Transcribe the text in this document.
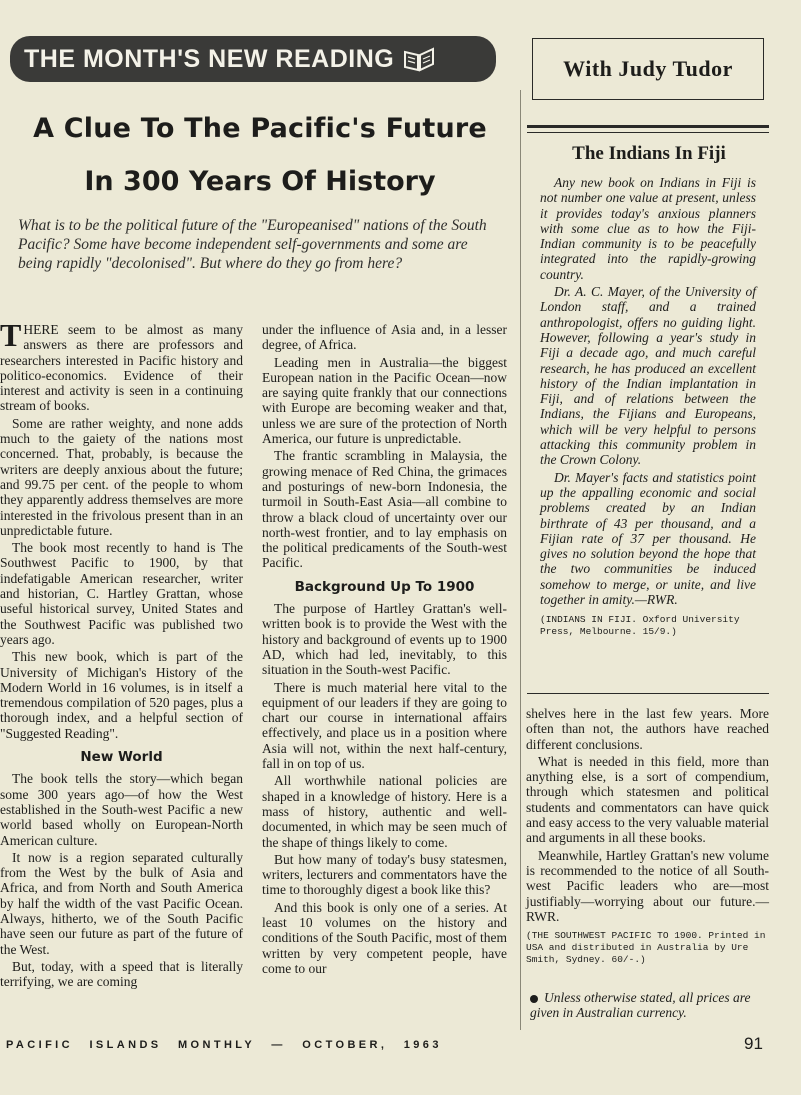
THE MONTH'S NEW READING	With Judy Tudor
A Clue To The Pacific's Future
In 300 Years Of History
What is to be the political future of the "Europeanised" nations of the South Pacific? Some have become independent self-governments and some are being rapidly "decolonised". But where do they go from here?

T HERE seem to be almost as many answers as there are professors and researchers interested in Pacific history and politico-economics. Evidence of their interest and activity is seen in a continuing stream of books.

Some are rather weighty, and none adds much to the gaiety of the nations most concerned. That, probably, is because the writers are deeply anxious about the future; and 99.75 per cent. of the people to whom they apparently address themselves are more interested in the frivolous present than in an unpredictable future.

The book most recently to hand is The Southwest Pacific to 1900, by that indefatigable American researcher, writer and historian, C. Hartley Grattan, whose useful historical survey, United States and the Southwest Pacific was published two years ago.

This new book, which is part of the University of Michigan's History of the Modern World in 16 volumes, is in itself a tremendous compilation of 520 pages, plus a thorough index, and a helpful section of "Suggested Reading".

New World

The book tells the story—which began some 300 years ago—of how the West established in the South-west Pacific a new world based wholly on European-North American culture.

It now is a region separated culturally from the West by the bulk of Asia and Africa, and from North and South America by half the width of the vast Pacific Ocean. Always, hitherto, we of the South Pacific have seen our future as part of the future of the West.

But, today, with a speed that is literally terrifying, we are coming

under the influence of Asia and, in a lesser degree, of Africa.

Leading men in Australia—the biggest European nation in the Pacific Ocean—now are saying quite frankly that our connections with Europe are becoming weaker and that, unless we are sure of the protection of North America, our future is unpredictable.

The frantic scrambling in Malaysia, the growing menace of Red China, the grimaces and posturings of new-born Indonesia, the turmoil in South-East Asia—all combine to throw a black cloud of uncertainty over our north-west frontier, and to lay emphasis on the political predicaments of the South-west Pacific.

Background Up To 1900

The purpose of Hartley Grattan's well-written book is to provide the West with the history and background of events up to 1900 AD, which had led, inevitably, to this situation in the South-west Pacific.

There is much material here vital to the equipment of our leaders if they are going to chart our course in international affairs effectively, and place us in a position where Asia will not, within the next half-century, fall in on top of us.

All worthwhile national policies are shaped in a knowledge of history. Here is a mass of history, authentic and well-documented, in which may be seen much of the shape of things likely to come.

But how many of today's busy statesmen, writers, lecturers and commentators have the time to thoroughly digest a book like this?

And this book is only one of a series. At least 10 volumes on the history and conditions of the South Pacific, most of them written by very competent people, have come to our

shelves here in the last few years. More often than not, the authors have reached different conclusions.

What is needed in this field, more than anything else, is a sort of compendium, through which statesmen and political students and commentators can have quick and easy access to the very valuable material and arguments in all these books.

Meanwhile, Hartley Grattan's new volume is recommended to the notice of all South-west Pacific leaders who are—most justifiably—worrying about our future.—RWR.

(THE SOUTHWEST PACIFIC TO 1900. Printed in USA and distributed in Australia by Ure Smith, Sydney. 60/-.)

The Indians In Fiji

Any new book on Indians in Fiji is not number one value at present, unless it provides today's anxious planners with some clue as to how the Fiji-Indian community is to be peacefully integrated into the rapidly-growing country.

Dr. A. C. Mayer, of the University of London staff, and a trained anthropologist, offers no guiding light. However, following a year's study in Fiji a decade ago, and much careful research, he has produced an excellent history of the Indian implantation in Fiji, and of relations between the Indians, the Fijians and Europeans, which will be very helpful to persons attacking this community problem in the Crown Colony.

Dr. Mayer's facts and statistics point up the appalling economic and social problems created by an Indian birthrate of 43 per thousand, and a Fijian rate of 37 per thousand. He gives no solution beyond the hope that the two communities be induced somehow to merge, or unite, and live together in amity.—RWR.

(INDIANS IN FIJI. Oxford University Press, Melbourne. 15/9.)

Unless otherwise stated, all prices are given in Australian currency.
PACIFIC ISLANDS MONTHLY — OCTOBER, 1963	91
